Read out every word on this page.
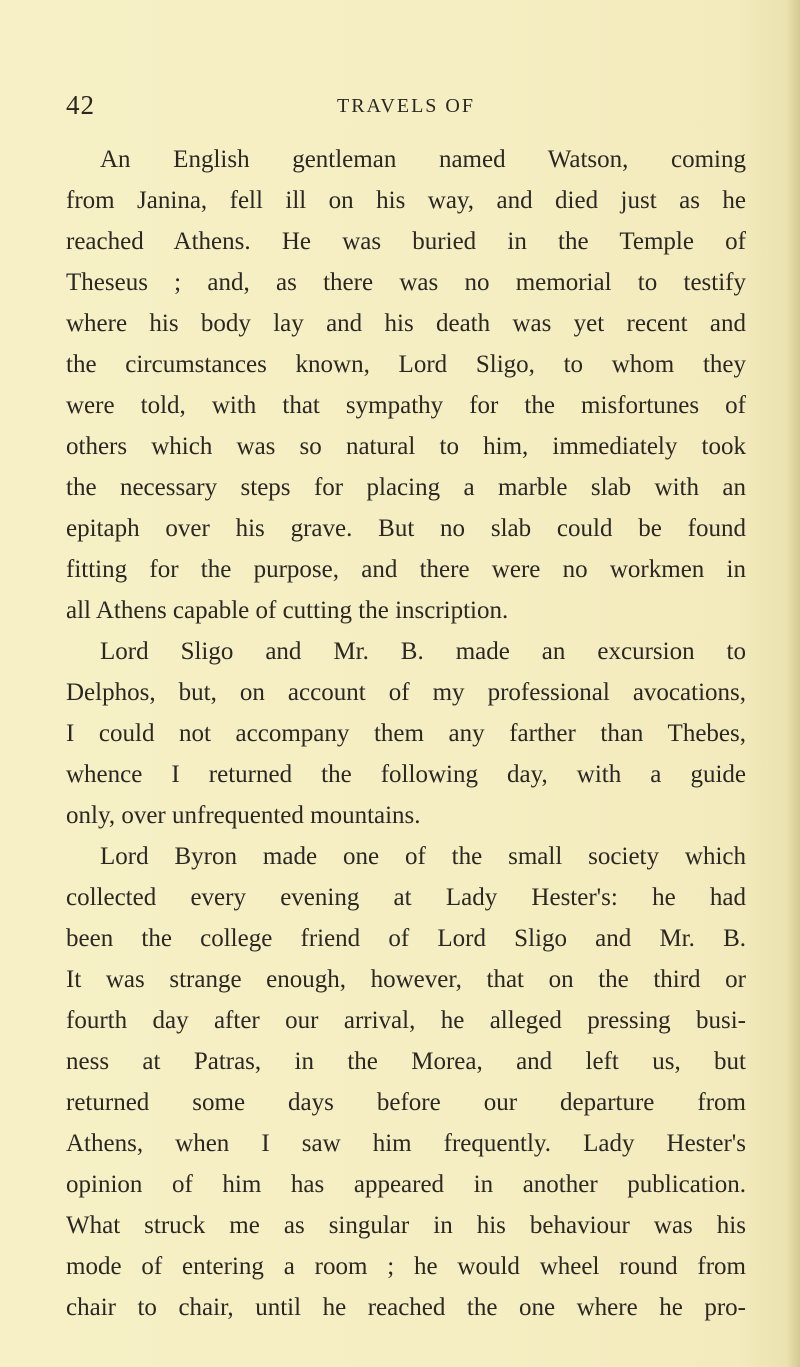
42	TRAVELS OF
An English gentleman named Watson, coming
from Janina, fell ill on his way, and died just as he
reached Athens. He was buried in the Temple of
Theseus ; and, as there was no memorial to testify
where his body lay and his death was yet recent and
the circumstances known, Lord Sligo, to whom they
were told, with that sympathy for the misfortunes of
others which was so natural to him, immediately took
the necessary steps for placing a marble slab with an
epitaph over his grave. But no slab could be found
fitting for the purpose, and there were no workmen in
all Athens capable of cutting the inscription.
Lord Sligo and Mr. B. made an excursion to
Delphos, but, on account of my professional avocations,
I could not accompany them any farther than Thebes,
whence I returned the following day, with a guide
only, over unfrequented mountains.
Lord Byron made one of the small society which
collected every evening at Lady Hester's: he had
been the college friend of Lord Sligo and Mr. B.
It was strange enough, however, that on the third or
fourth day after our arrival, he alleged pressing busi-
ness at Patras, in the Morea, and left us, but
returned some days before our departure from
Athens, when I saw him frequently. Lady Hester's
opinion of him has appeared in another publication.
What struck me as singular in his behaviour was his
mode of entering a room ; he would wheel round from
chair to chair, until he reached the one where he pro-
